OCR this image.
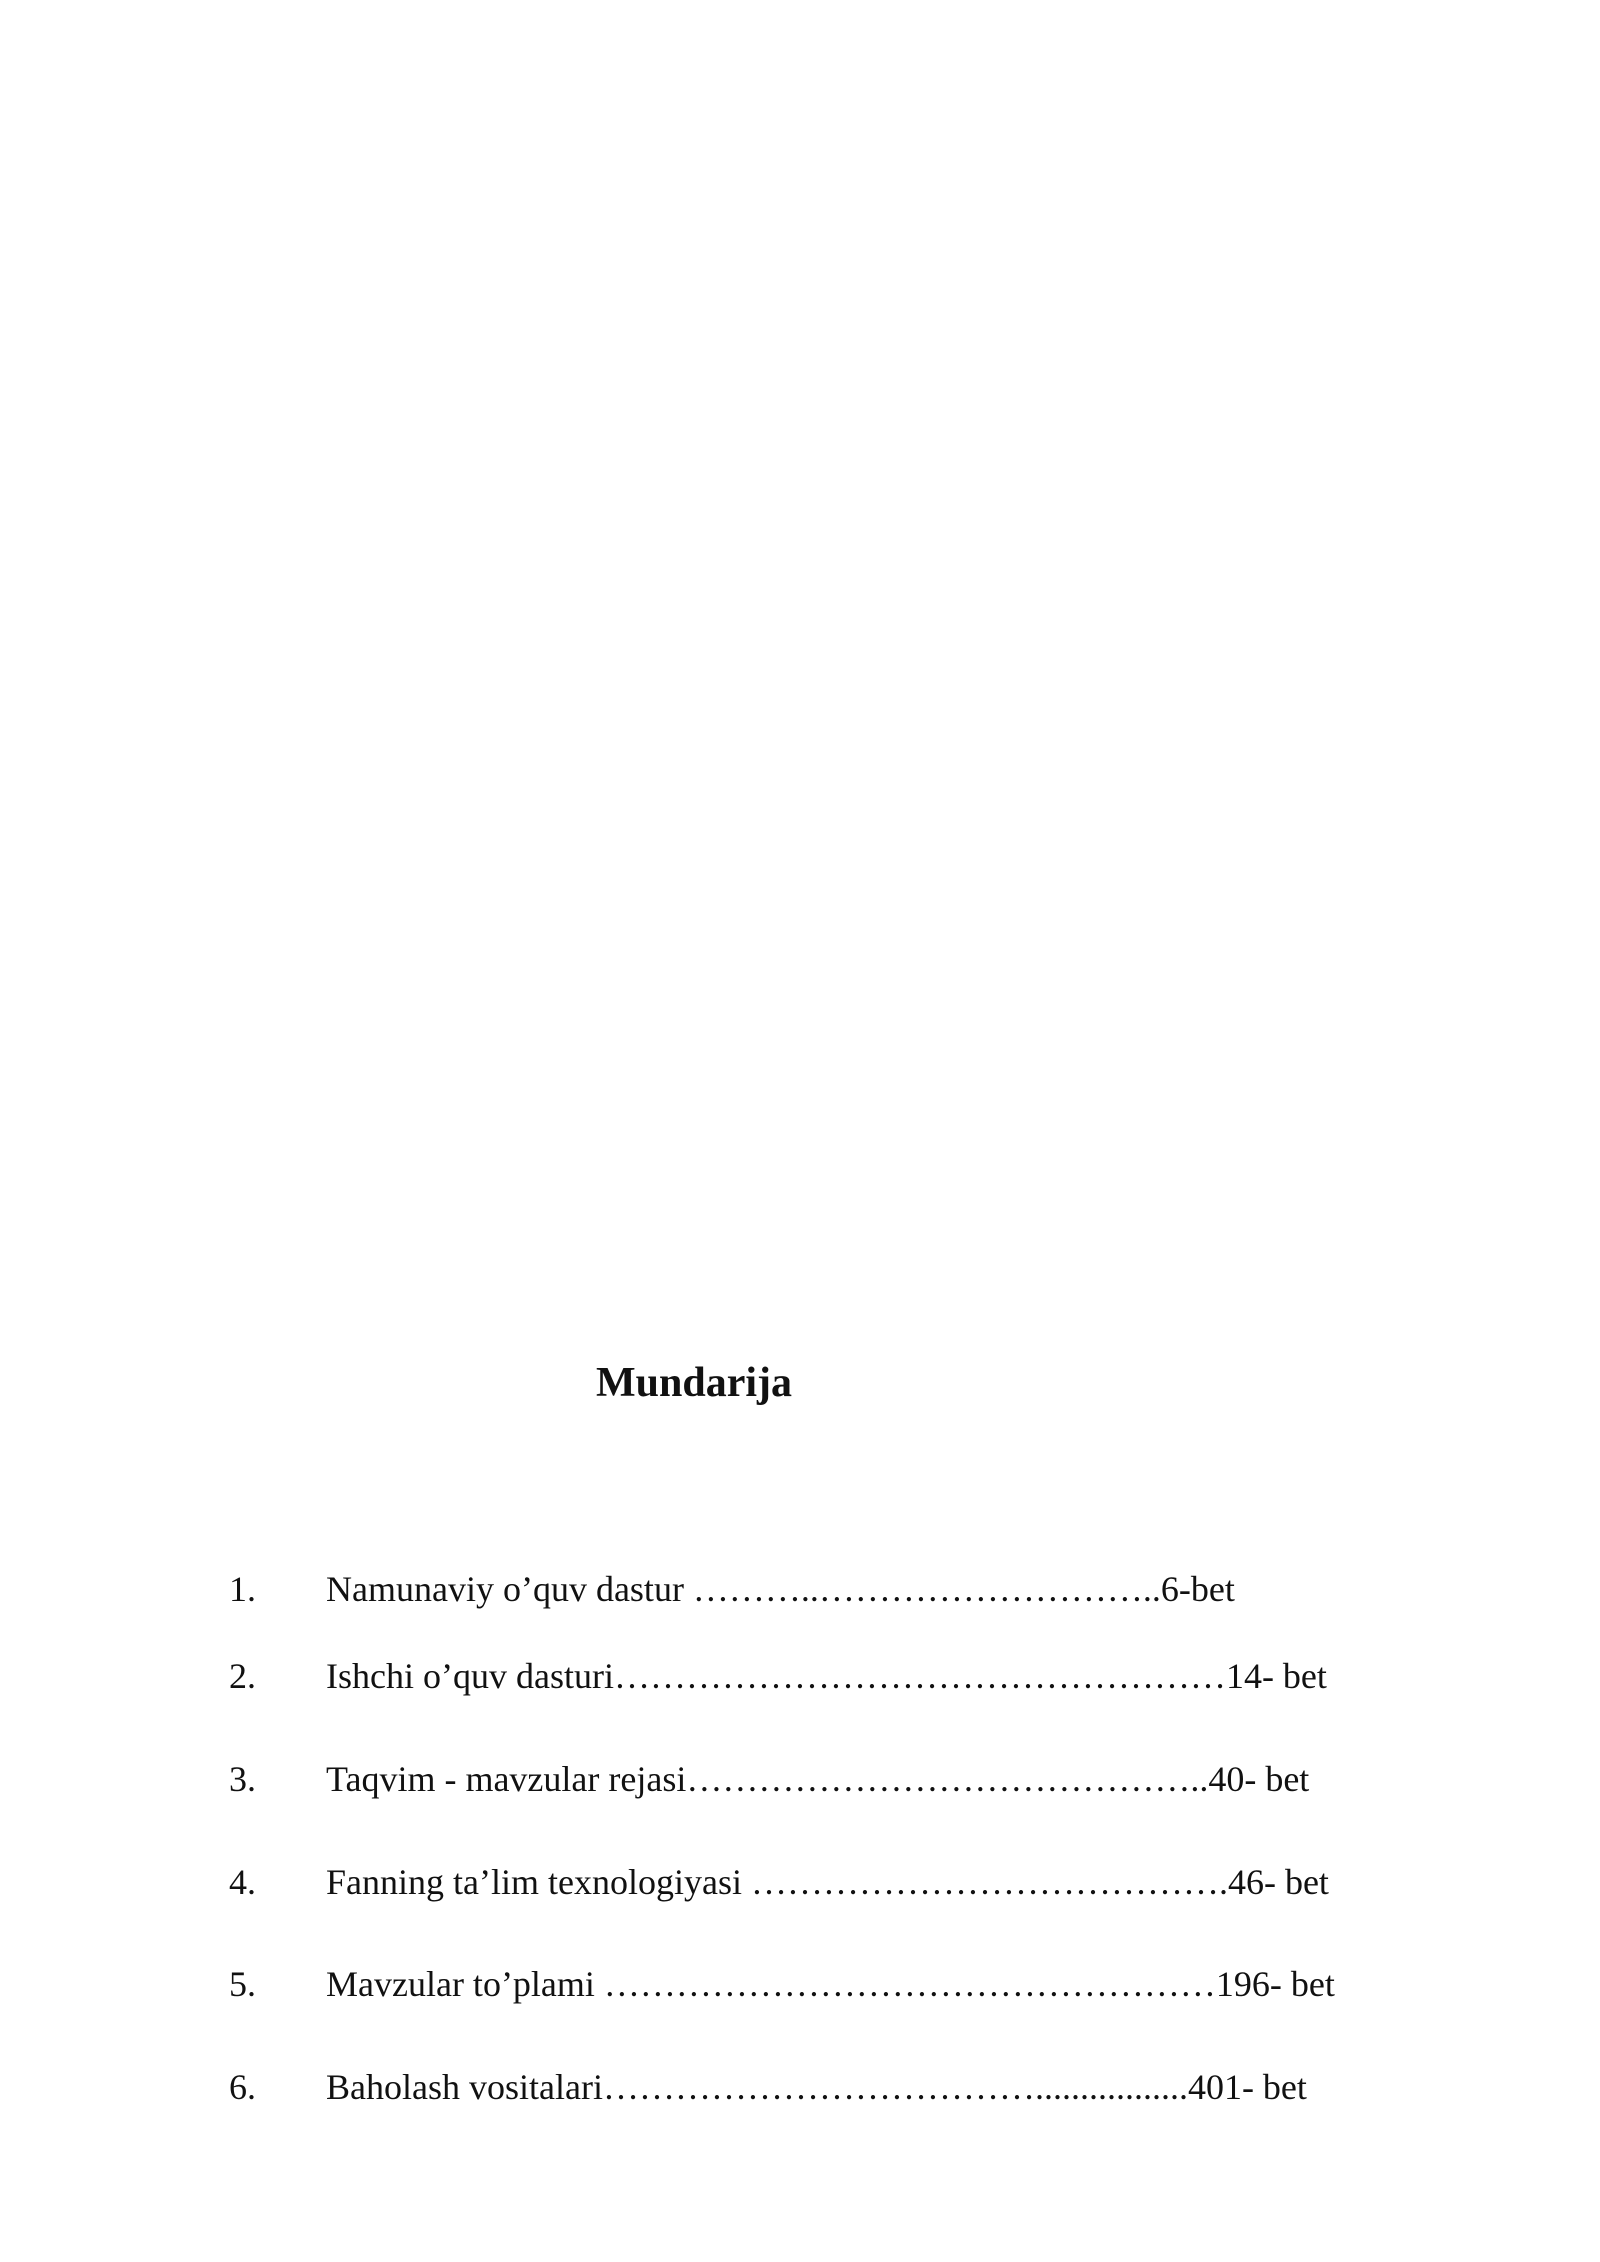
Mundarija
1. Namunaviy o’quv dastur ………..………………………..6-bet
2. Ishchi o’quv dasturi……………………………………………14- bet
3. Taqvim - mavzular rejasi……………………………………..40- bet
4. Fanning ta’lim texnologiyasi ………………………………….46- bet
5. Mavzular to’plami ……………………………………………196- bet
6. Baholash vositalari……………………………….................401- bet
